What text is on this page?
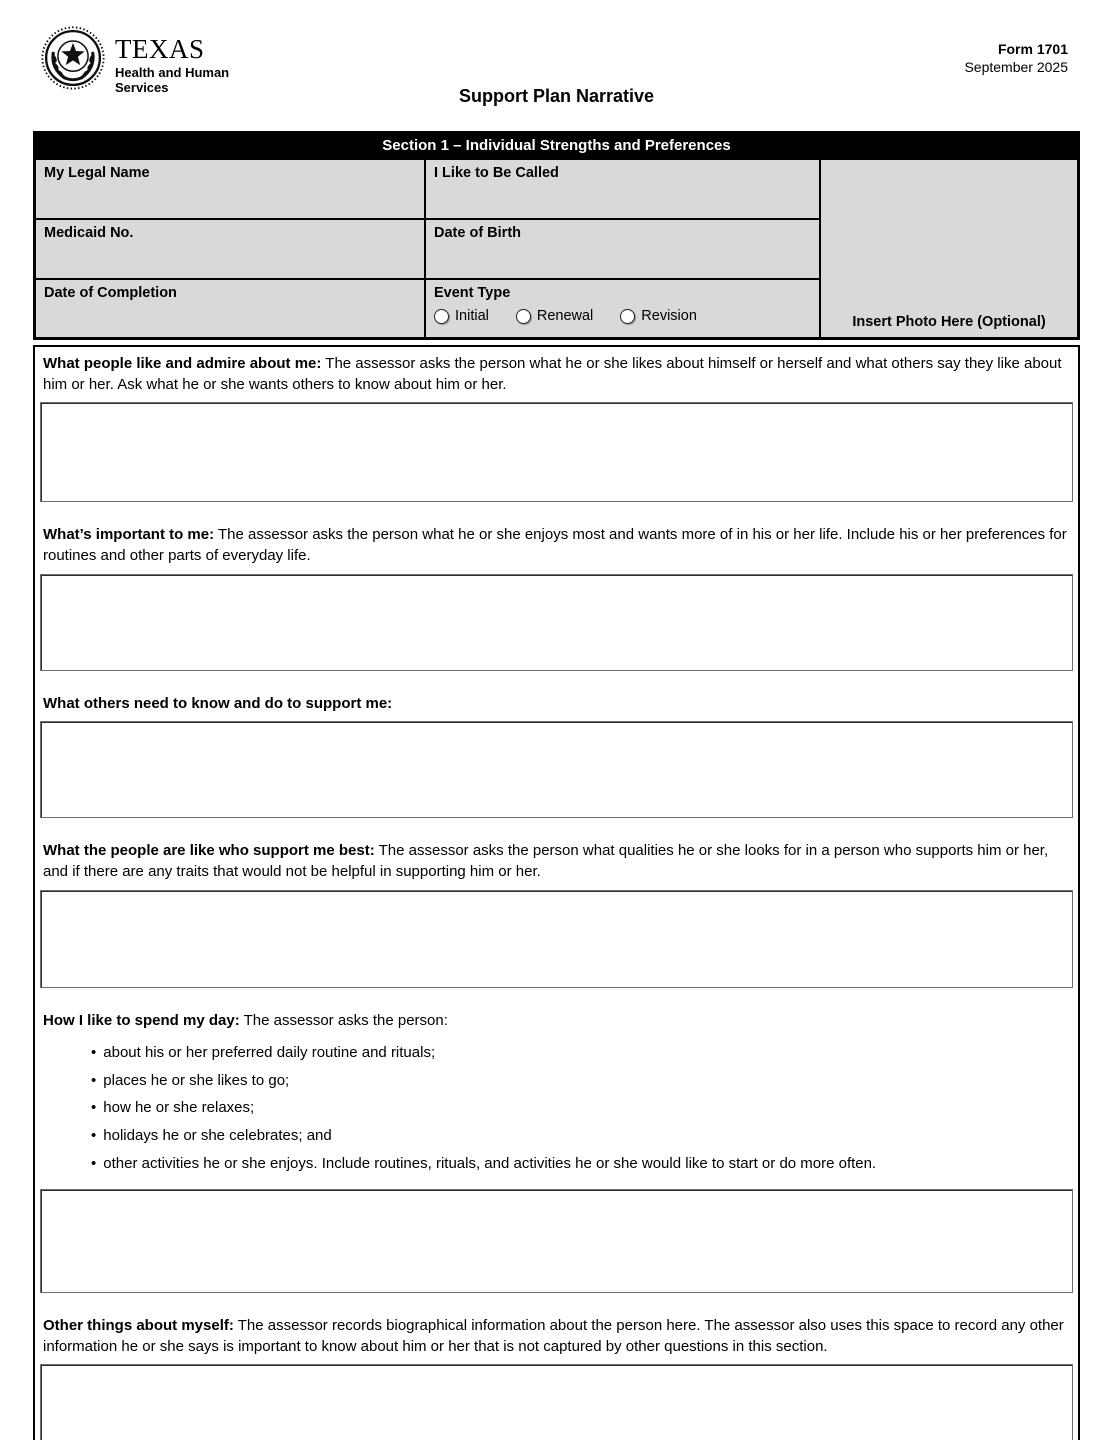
TEXAS
Health and Human
Services
Form 1701
September 2025
Support Plan Narrative
Section 1 – Individual Strengths and Preferences
My Legal Name	I Like to Be Called
Medicaid No.	Date of Birth
Date of Completion	Event Type
Initial	Renewal	Revision	Insert Photo Here (Optional)
What people like and admire about me: The assessor asks the person what he or she likes about himself or herself and what others say they like about him or her. Ask what he or she wants others to know about him or her.
What’s important to me: The assessor asks the person what he or she enjoys most and wants more of in his or her life. Include his or her preferences for routines and other parts of everyday life.
What others need to know and do to support me:
What the people are like who support me best: The assessor asks the person what qualities he or she looks for in a person who supports him or her, and if there are any traits that would not be helpful in supporting him or her.
How I like to spend my day: The assessor asks the person:
• about his or her preferred daily routine and rituals;
• places he or she likes to go;
• how he or she relaxes;
• holidays he or she celebrates; and
• other activities he or she enjoys. Include routines, rituals, and activities he or she would like to start or do more often.
Other things about myself: The assessor records biographical information about the person here. The assessor also uses this space to record any other information he or she says is important to know about him or her that is not captured by other questions in this section.
